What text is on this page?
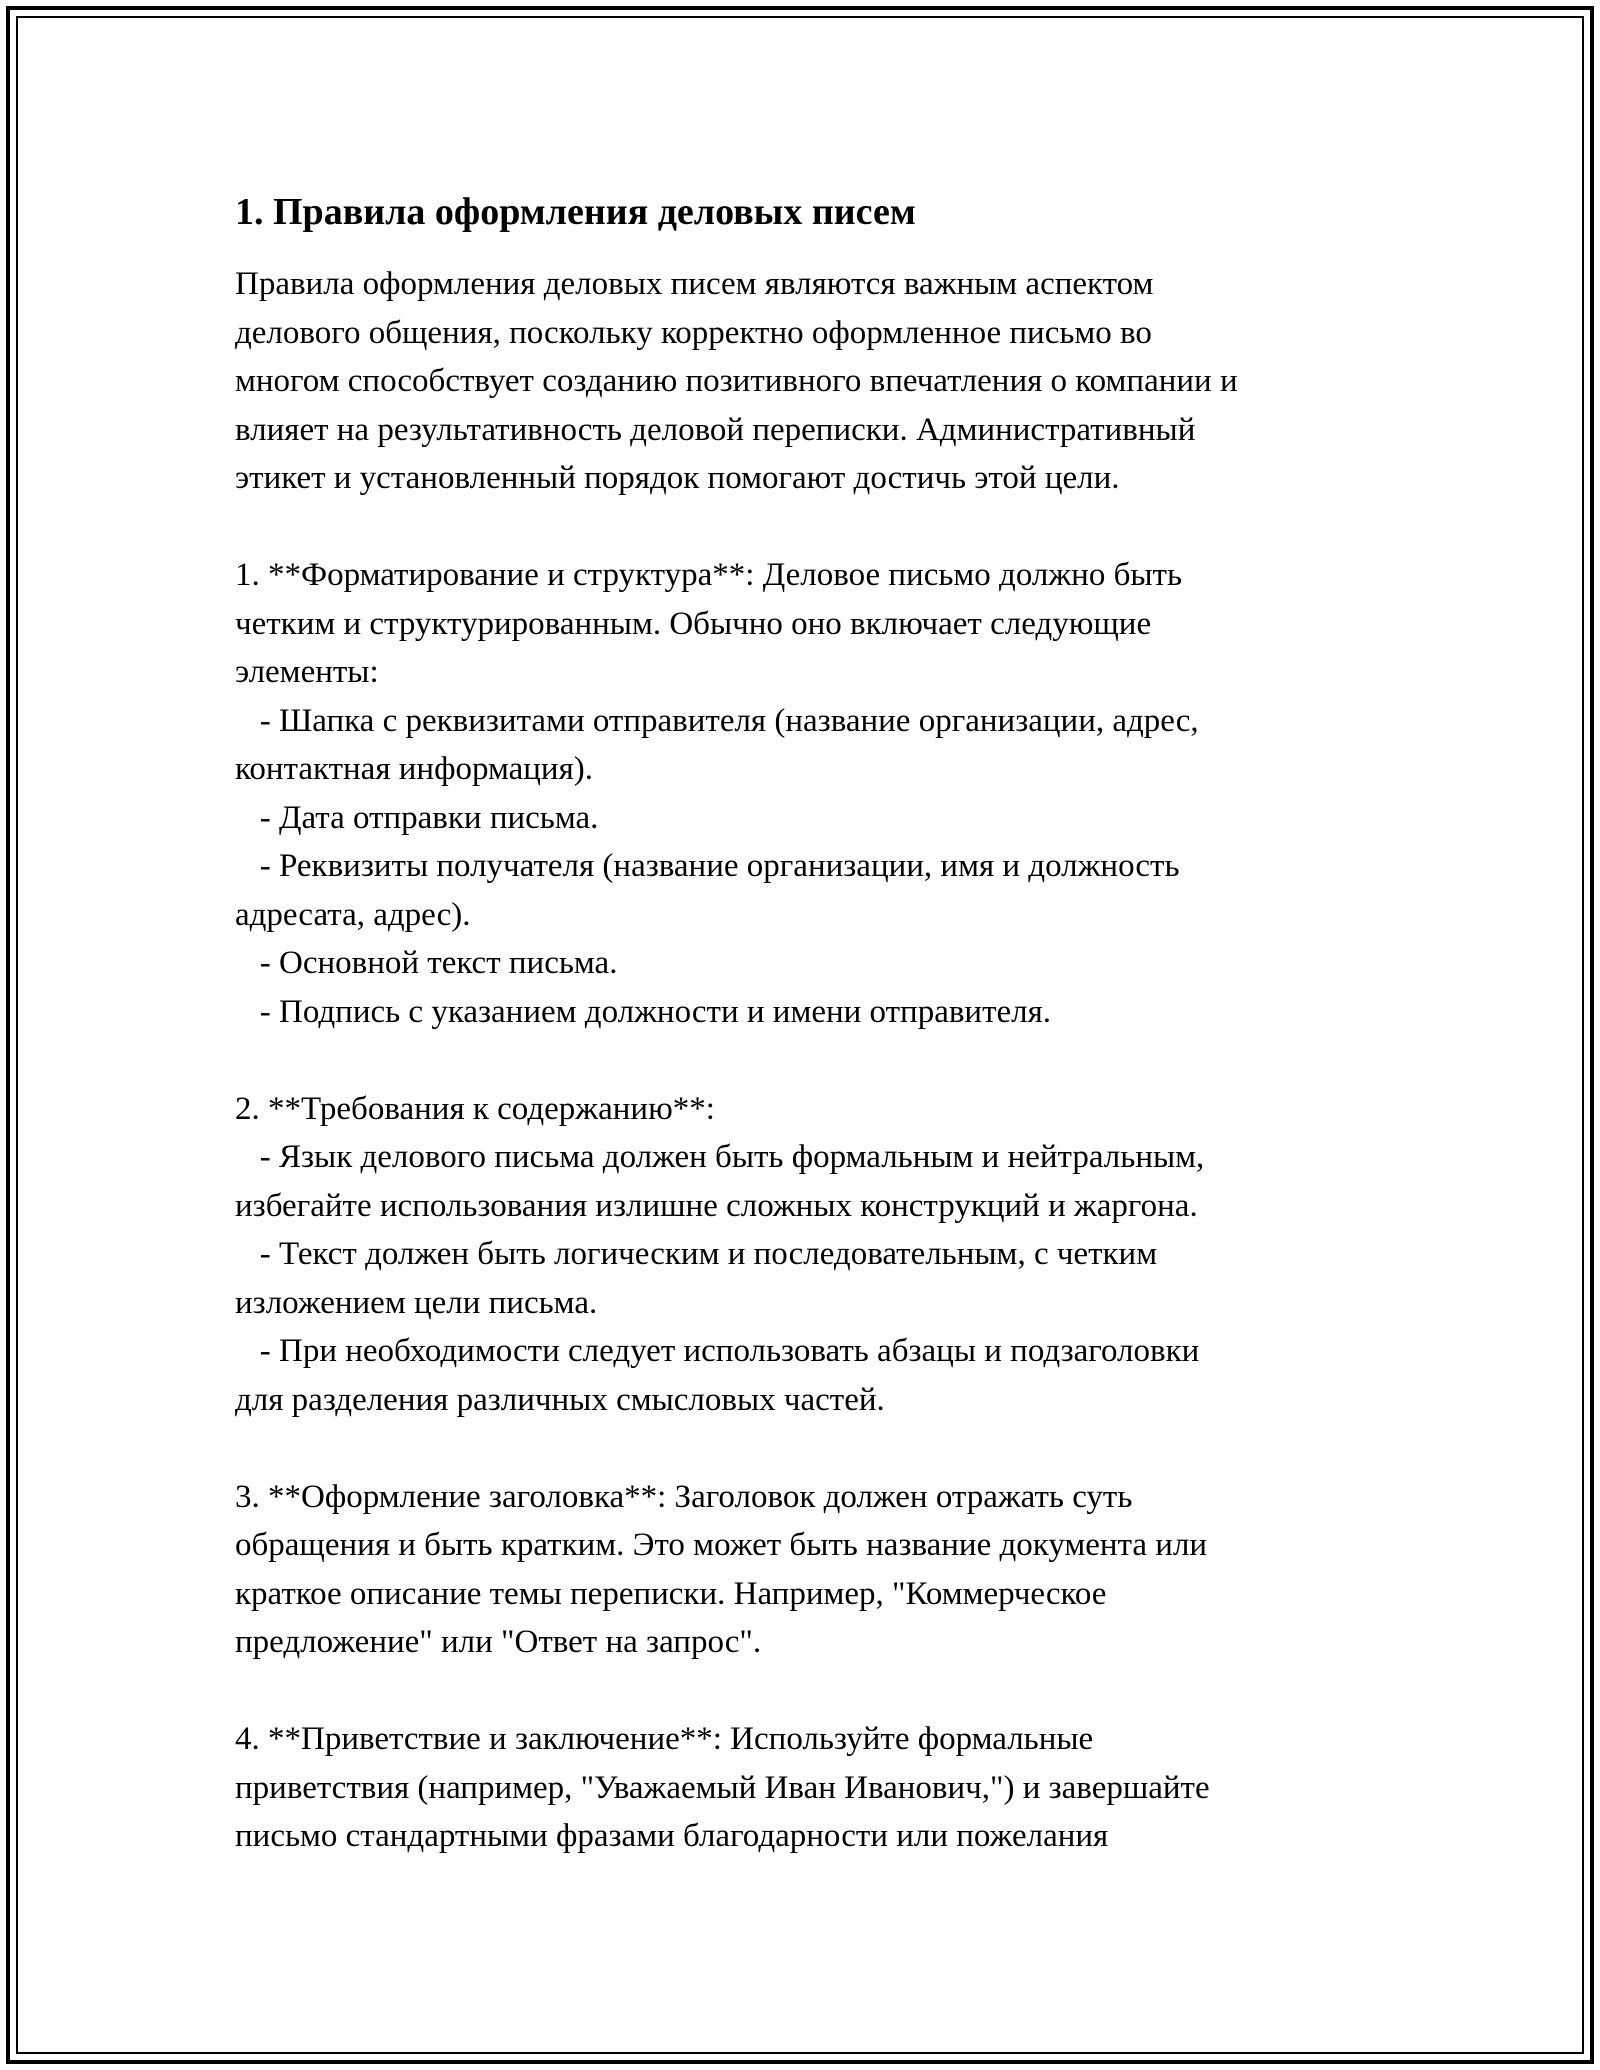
1. Правила оформления деловых писем
Правила оформления деловых писем являются важным аспектом
делового общения, поскольку корректно оформленное письмо во
многом способствует созданию позитивного впечатления о компании и
влияет на результативность деловой переписки. Административный
этикет и установленный порядок помогают достичь этой цели.
1. **Форматирование и структура**: Деловое письмо должно быть
четким и структурированным. Обычно оно включает следующие
элементы:
- Шапка с реквизитами отправителя (название организации, адрес,
контактная информация).
- Дата отправки письма.
- Реквизиты получателя (название организации, имя и должность
адресата, адрес).
- Основной текст письма.
- Подпись с указанием должности и имени отправителя.
2. **Требования к содержанию**:
- Язык делового письма должен быть формальным и нейтральным,
избегайте использования излишне сложных конструкций и жаргона.
- Текст должен быть логическим и последовательным, с четким
изложением цели письма.
- При необходимости следует использовать абзацы и подзаголовки
для разделения различных смысловых частей.
3. **Оформление заголовка**: Заголовок должен отражать суть
обращения и быть кратким. Это может быть название документа или
краткое описание темы переписки. Например, "Коммерческое
предложение" или "Ответ на запрос".
4. **Приветствие и заключение**: Используйте формальные
приветствия (например, "Уважаемый Иван Иванович,") и завершайте
письмо стандартными фразами благодарности или пожелания
